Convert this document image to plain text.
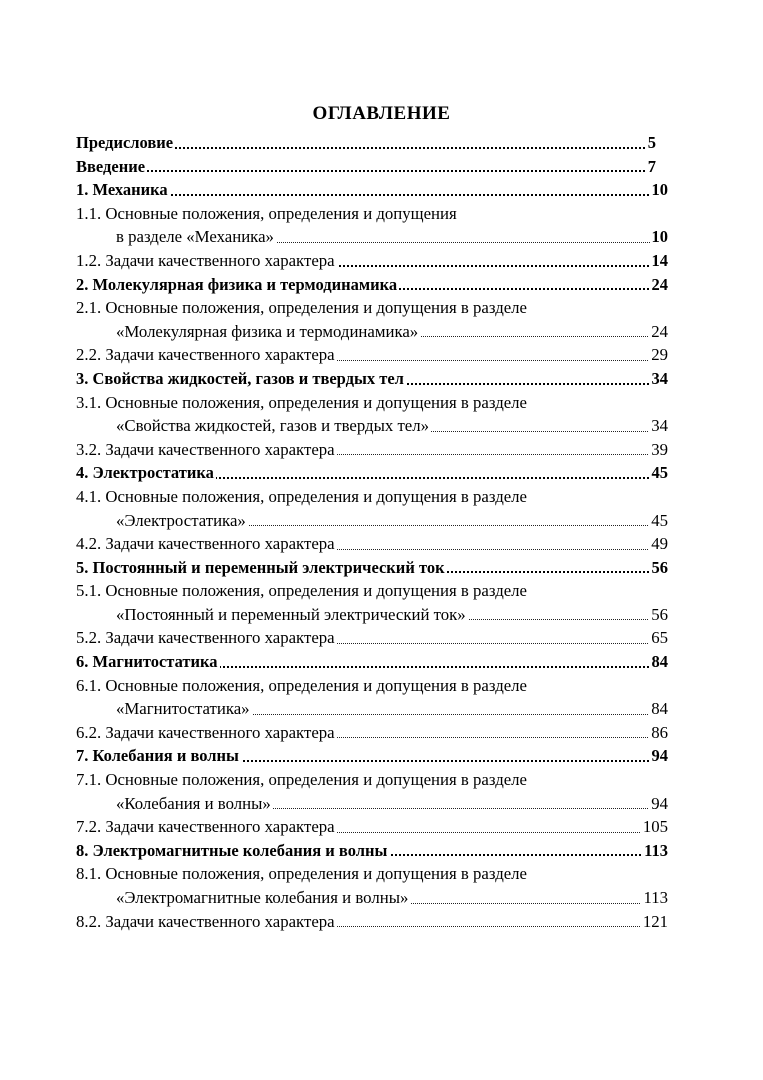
ОГЛАВЛЕНИЕ
Предисловие	5
Введение	7
1. Механика	10
1.1. Основные положения, определения и допущения
в разделе «Механика»	10
1.2. Задачи качественного характера	14
2. Молекулярная физика и термодинамика	24
2.1. Основные положения, определения и допущения в разделе
«Молекулярная физика и термодинамика»	24
2.2. Задачи качественного характера	29
3. Свойства жидкостей, газов и твердых тел	34
3.1. Основные положения, определения и допущения в разделе
«Свойства жидкостей, газов и твердых тел»	34
3.2. Задачи качественного характера	39
4. Электростатика	45
4.1. Основные положения, определения и допущения в разделе
«Электростатика»	45
4.2. Задачи качественного характера	49
5. Постоянный и переменный электрический ток	56
5.1. Основные положения, определения и допущения в разделе
«Постоянный и переменный электрический ток»	56
5.2. Задачи качественного характера	65
6. Магнитостатика	84
6.1. Основные положения, определения и допущения в разделе
«Магнитостатика»	84
6.2. Задачи качественного характера	86
7. Колебания и волны	94
7.1. Основные положения, определения и допущения в разделе
«Колебания и волны»	94
7.2. Задачи качественного характера	105
8. Электромагнитные колебания и волны	113
8.1. Основные положения, определения и допущения в разделе
«Электромагнитные колебания и волны»	113
8.2. Задачи качественного характера	121
